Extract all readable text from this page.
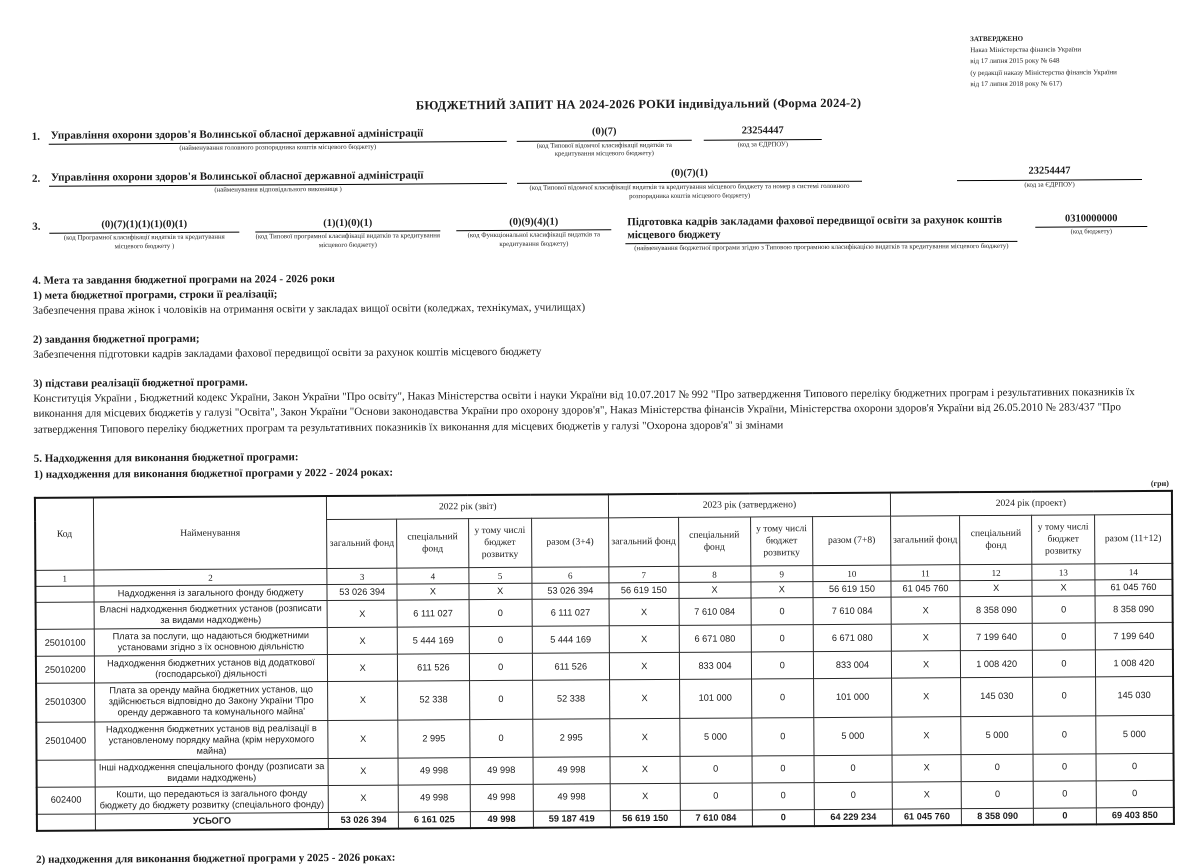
ЗАТВЕРДЖЕНО
Наказ Міністерства фінансів України
від 17 липня 2015 року № 648
(у редакції наказу Міністерства фінансів України
від 17 липня 2018 року № 617)
БЮДЖЕТНИЙ ЗАПИТ НА 2024-2026 РОКИ індивідуальний (Форма 2024-2)
1. Управління охорони здоров'я Волинської обласної державної адміністрації
(найменування головного розпорядника коштів місцевого бюджету)
(0)(7)
(код Типової відомчої класифікації видатків та кредитування місцевого бюджету)
23254447
(код за ЄДРПОУ)
2. Управління охорони здоров'я Волинської обласної державної адміністрації
(найменування відповідального виконавця )
(0)(7)(1)
(код Типової відомчої класифікації видатків та кредитування місцевого бюджету та номер в системі головного розпорядника коштів місцевого бюджету)
23254447
(код за ЄДРПОУ)
3.	(0)(7)(1)(1)(1)(0)(1)
(код Програмної класифікації видатків та кредитування місцевого бюджету )
(1)(1)(0)(1)
(код Типової програмної класифікації видатків та кредитування місцевого бюджету)
(0)(9)(4)(1)
(код Функціональної класифікації видатків та кредитування бюджету)
Підготовка кадрів закладами фахової передвищої освіти за рахунок коштів місцевого бюджету
(найменування бюджетної програми згідно з Типовою програмною класифікацією видатків та кредитування місцевого бюджету)
0310000000
(код бюджету)
4. Мета та завдання бюджетної програми на 2024 - 2026 роки
1) мета бюджетної програми, строки її реалізації;
Забезпечення права жінок і чоловіків на отримання освіти у закладах вищої освіти (коледжах, технікумах, училищах)
2) завдання бюджетної програми;
Забезпечення підготовки кадрів закладами фахової передвищої освіти за рахунок коштів місцевого бюджету
3) підстави реалізації бюджетної програми.
Конституція України , Бюджетний кодекс України, Закон України "Про освіту", Наказ Міністерства освіти і науки України від 10.07.2017 № 992 "Про затвердження Типового переліку бюджетних програм і результативних показників їх виконання для місцевих бюджетів у галузі "Освіта", Закон України "Основи законодавства України про охорону здоров'я", Наказ Міністерства фінансів України, Міністерства охорони здоров'я України від 26.05.2010 № 283/437 "Про затвердження Типового переліку бюджетних програм та результативних показників їх виконання для місцевих бюджетів у галузі "Охорона здоров'я" зі змінами
5. Надходження для виконання бюджетної програми:
1) надходження для виконання бюджетної програми у 2022 - 2024 роках:
(грн)
Код	Найменування	2022 рік (звіт)				2023 рік (затверджено)				2024 рік (проект)			
		загальний фонд	спеціальний фонд	у тому числі бюджет розвитку	разом (3+4)	загальний фонд	спеціальний фонд	у тому числі бюджет розвитку	разом (7+8)	загальний фонд	спеціальний фонд	у тому числі бюджет розвитку	разом (11+12)
1	2	3	4	5	6	7	8	9	10	11	12	13	14
	Надходження із загального фонду бюджету	53 026 394	X	X	53 026 394	56 619 150	X	X	56 619 150	61 045 760	X	X	61 045 760
	Власні надходження бюджетних установ (розписати за видами надходжень)	X	6 111 027	0	6 111 027	X	7 610 084	0	7 610 084	X	8 358 090	0	8 358 090
25010100	Плата за послуги, що надаються бюджетними установами згідно з їх основною діяльністю	X	5 444 169	0	5 444 169	X	6 671 080	0	6 671 080	X	7 199 640	0	7 199 640
25010200	Надходження бюджетних установ від додаткової (господарської) діяльності	X	611 526	0	611 526	X	833 004	0	833 004	X	1 008 420	0	1 008 420
25010300	Плата за оренду майна бюджетних установ, що здійснюється відповідно до Закону України 'Про оренду державного та комунального майна'	X	52 338	0	52 338	X	101 000	0	101 000	X	145 030	0	145 030
25010400	Надходження бюджетних установ від реалізації в установленому порядку майна (крім нерухомого майна)	X	2 995	0	2 995	X	5 000	0	5 000	X	5 000	0	5 000
	Інші надходження спеціального фонду (розписати за видами надходжень)	X	49 998	49 998	49 998	X	0	0	0	X	0	0	0
602400	Кошти, що передаються із загального фонду бюджету до бюджету розвитку (спеціального фонду)	X	49 998	49 998	49 998	X	0	0	0	X	0	0	0
	УСЬОГО	53 026 394	6 161 025	49 998	59 187 419	56 619 150	7 610 084	0	64 229 234	61 045 760	8 358 090	0	69 403 850
2) надходження для виконання бюджетної програми у 2025 - 2026 роках:
